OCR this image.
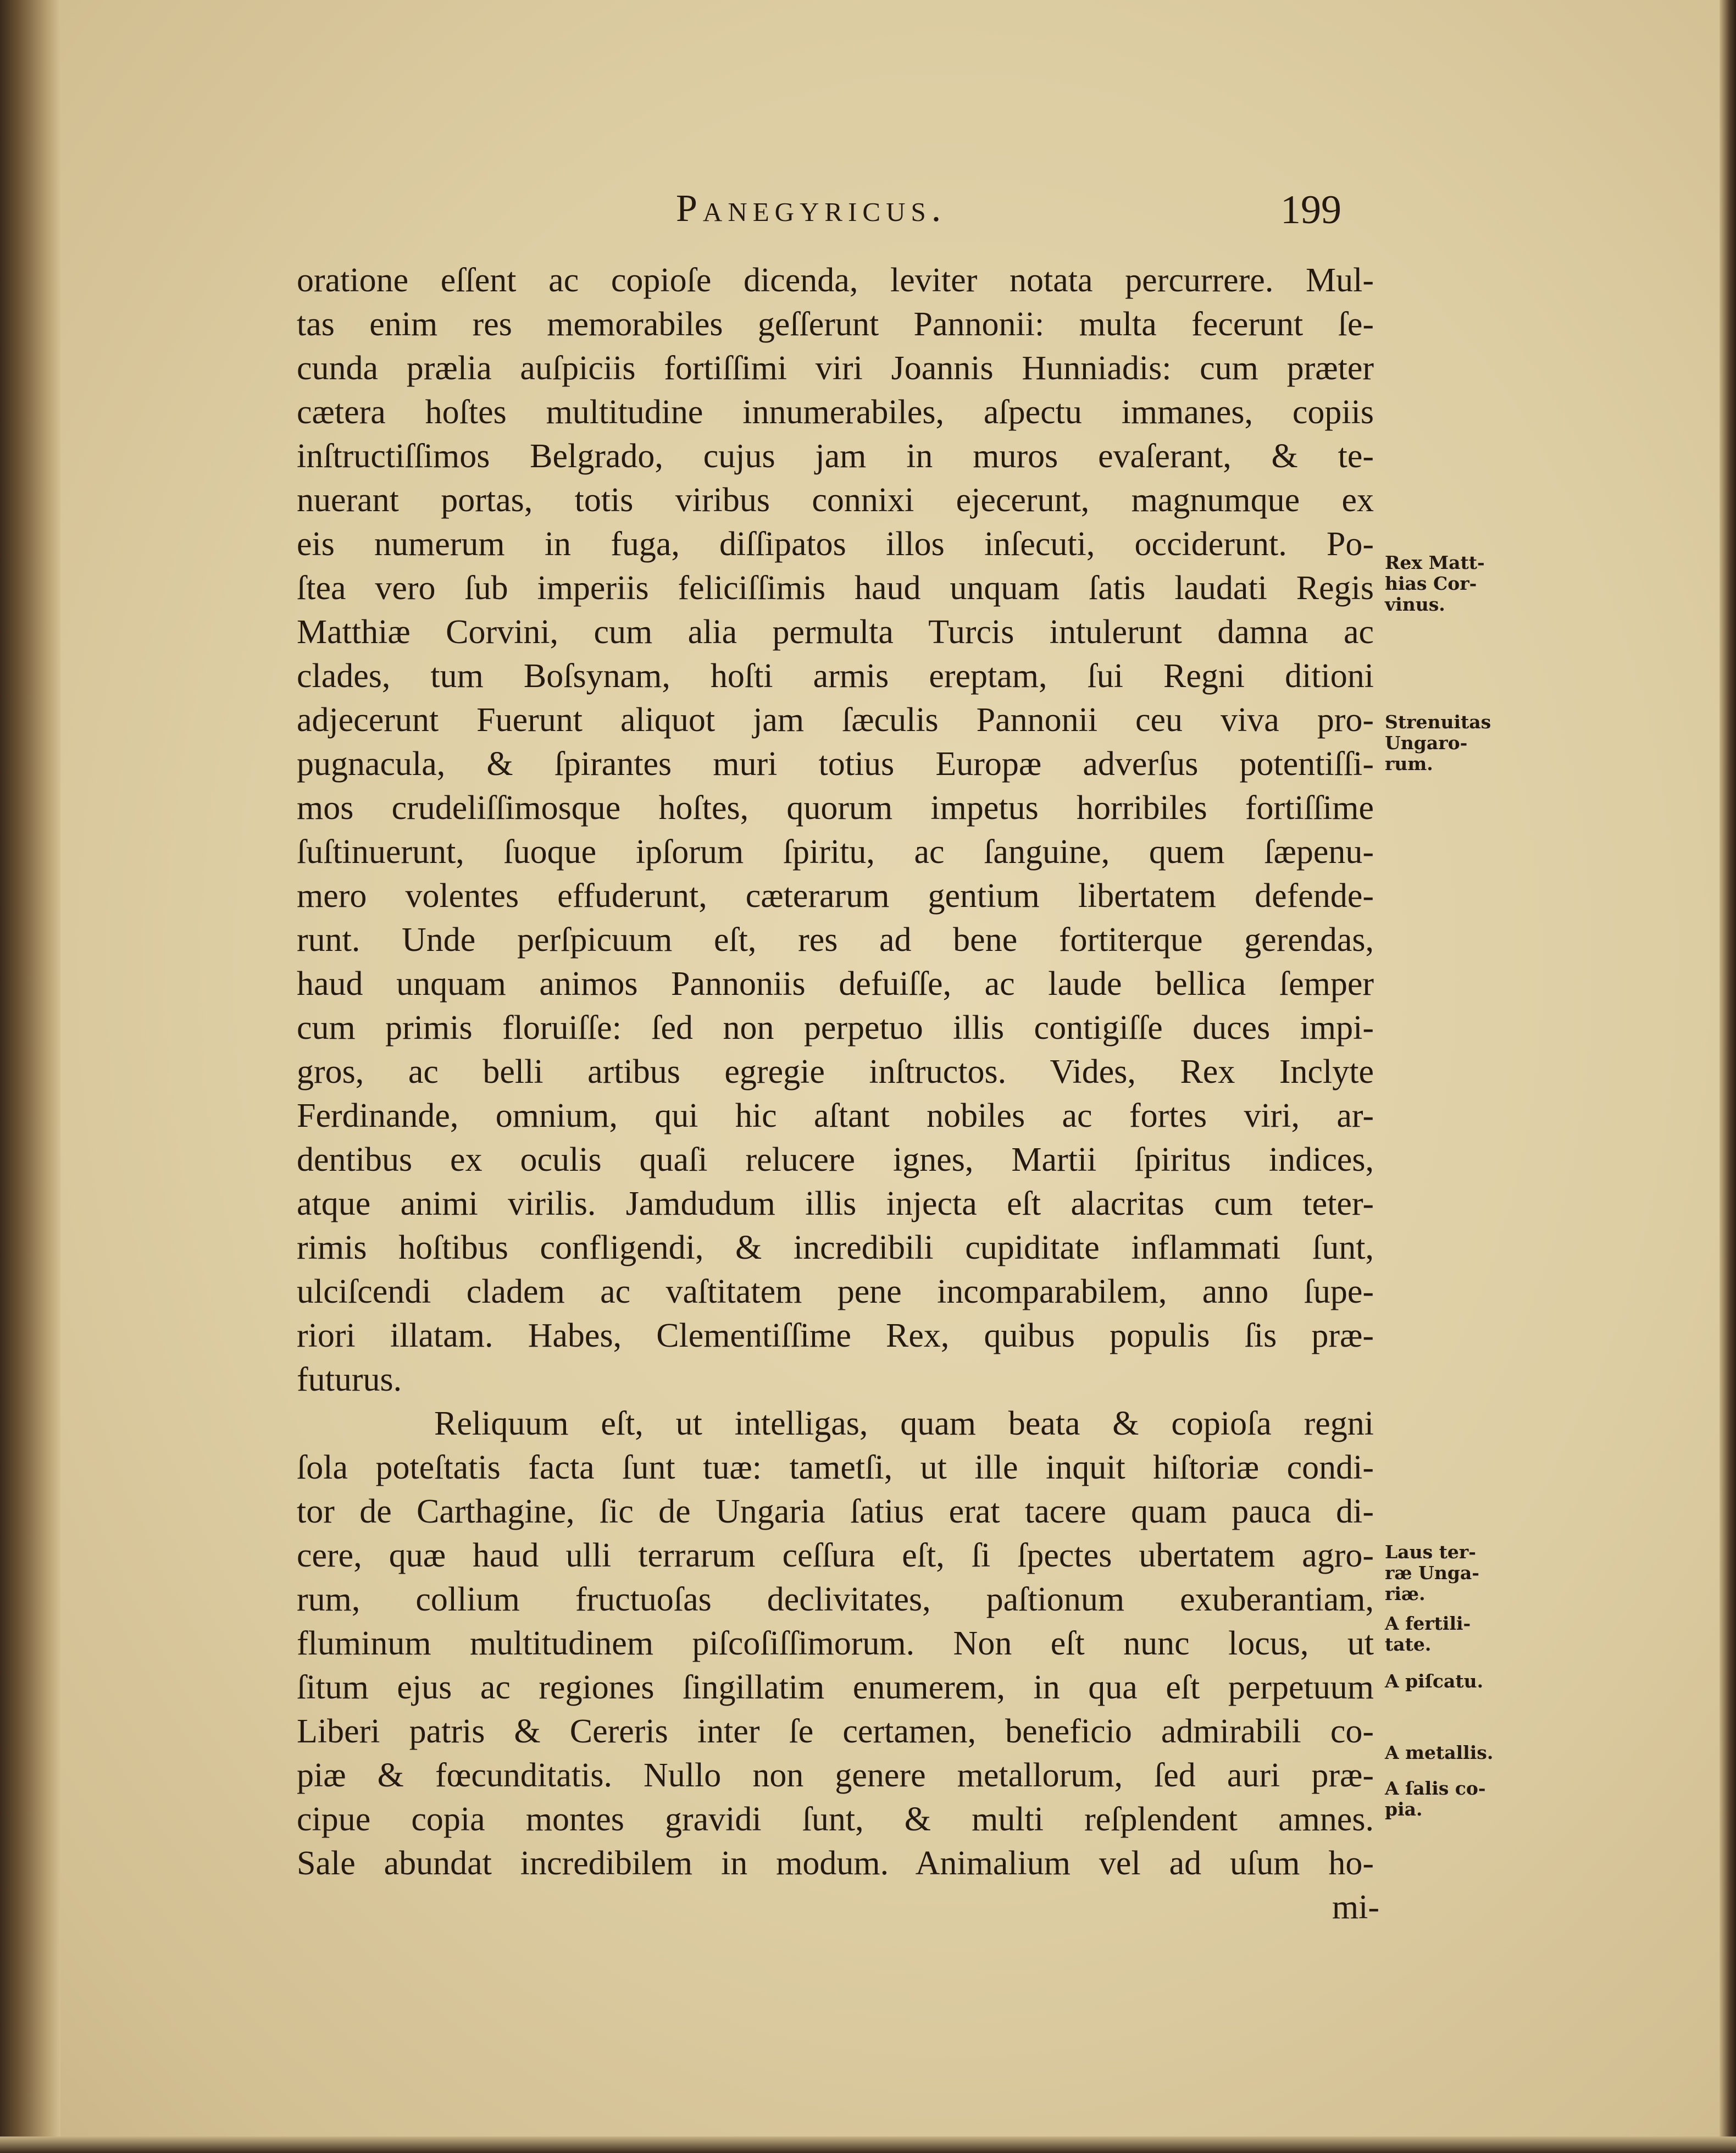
Panegyricus.	199
oratione eſſent ac copioſe dicenda, leviter notata percurrere. Mul-
tas enim res memorabiles geſſerunt Pannonii: multa fecerunt ſe-
cunda prælia auſpiciis fortiſſimi viri Joannis Hunniadis: cum præter
cætera hoſtes multitudine innumerabiles, aſpectu immanes, copiis
inſtructiſſimos Belgrado, cujus jam in muros evaſerant, & te-
nuerant portas, totis viribus connixi ejecerunt, magnumque ex
eis numerum in fuga, diſſipatos illos inſecuti, occiderunt. Po-
ſtea vero ſub imperiis feliciſſimis haud unquam ſatis laudati Regis
Matthiæ Corvini, cum alia permulta Turcis intulerunt damna ac
clades, tum Boſsynam, hoſti armis ereptam, ſui Regni ditioni
adjecerunt Fuerunt aliquot jam ſæculis Pannonii ceu viva pro-
pugnacula, & ſpirantes muri totius Europæ adverſus potentiſſi-
mos crudeliſſimosque hoſtes, quorum impetus horribiles fortiſſime
ſuſtinuerunt, ſuoque ipſorum ſpiritu, ac ſanguine, quem ſæpenu-
mero volentes effuderunt, cæterarum gentium libertatem defende-
runt. Unde perſpicuum eſt, res ad bene fortiterque gerendas,
haud unquam animos Pannoniis defuiſſe, ac laude bellica ſemper
cum primis floruiſſe: ſed non perpetuo illis contigiſſe duces impi-
gros, ac belli artibus egregie inſtructos. Vides, Rex Inclyte
Ferdinande, omnium, qui hic aſtant nobiles ac fortes viri, ar-
dentibus ex oculis quaſi relucere ignes, Martii ſpiritus indices,
atque animi virilis. Jamdudum illis injecta eſt alacritas cum teter-
rimis hoſtibus confligendi, & incredibili cupiditate inflammati ſunt,
ulciſcendi cladem ac vaſtitatem pene incomparabilem, anno ſupe-
riori illatam. Habes, Clementiſſime Rex, quibus populis ſis præ-
futurus.
Reliquum eſt, ut intelligas, quam beata & copioſa regni
ſola poteſtatis facta ſunt tuæ: tametſi, ut ille inquit hiſtoriæ condi-
tor de Carthagine, ſic de Ungaria ſatius erat tacere quam pauca di-
cere, quæ haud ulli terrarum ceſſura eſt, ſi ſpectes ubertatem agro-
rum, collium fructuoſas declivitates, paſtionum exuberantiam,
fluminum multitudinem piſcoſiſſimorum. Non eſt nunc locus, ut
ſitum ejus ac regiones ſingillatim enumerem, in qua eſt perpetuum
Liberi patris & Cereris inter ſe certamen, beneficio admirabili co-
piæ & fœcunditatis. Nullo non genere metallorum, ſed auri præ-
cipue copia montes gravidi ſunt, & multi reſplendent amnes.
Sale abundat incredibilem in modum. Animalium vel ad uſum ho-
mi-
Rex Matt-
hias Cor-
vinus.
Strenuitas
Ungaro-
rum.
Laus ter-
ræ Unga-
riæ.
A fertili-
tate.
A piſcatu.
A metallis.
A ſalis co-
pia.
